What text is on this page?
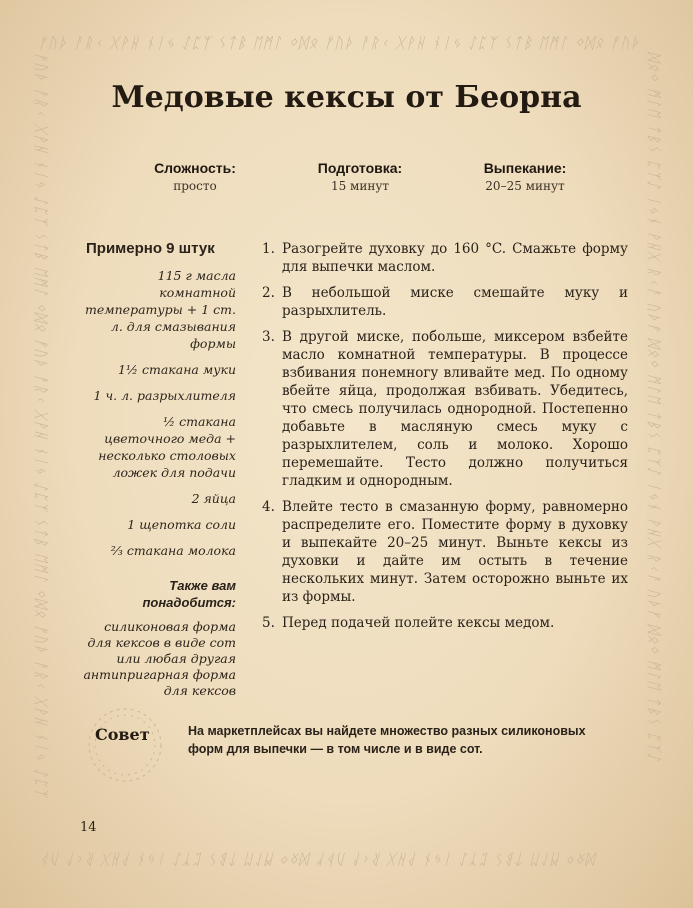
ᚠᚢᚦ ᚨᚱᚲ ᚷᚹᚺ ᚾᛁᛃ ᛇᛈᛉ ᛊᛏᛒ ᛖᛗᛚ ᛜᛞᛟ ᚠᚢᚦ ᚨᚱᚲ ᚷᚹᚺ ᚾᛁᛃ ᛇᛈᛉ ᛊᛏᛒ ᛖᛗᛚ ᛜᛞᛟ ᚠᚢᚦ
ᛞᛟᛜ ᛗᛚᛖ ᛏᛒᛊ ᛈᛉᛇ ᛁᛃᚾ ᚹᚺᚷ ᚱᚲᚨ ᚢᚦᚠ ᛞᛟᛜ ᛗᛚᛖ ᛏᛒᛊ ᛈᛉᛇ ᛁᛃᚾ ᚹᚺᚷ ᚱᚲᚨ ᚢᚦ
ᚠᚢᚦ ᚨᚱᚲ ᚷᚹᚺ ᚾᛁᛃ ᛇᛈᛉ ᛊᛏᛒ ᛖᛗᛚ ᛜᛞᛟ ᚠᚢᚦ ᚨᚱᚲ ᚷᚹᚺ ᚾᛁᛃ ᛇᛈᛉ ᛊᛏᛒ ᛖᛗᛚ ᛜᛞᛟ ᚠᚢᚦ ᚨᚱᚲ ᚷᚹᚺ ᚾᛁᛃ ᛇᛈᛉ	ᛞᛟᛜ ᛗᛚᛖ ᛏᛒᛊ ᛈᛉᛇ ᛁᛃᚾ ᚹᚺᚷ ᚱᚲᚨ ᚢᚦᚠ ᛞᛟᛜ ᛗᛚᛖ ᛏᛒᛊ ᛈᛉᛇ ᛁᛃᚾ ᚹᚺᚷ ᚱᚲᚨ ᚢᚦᚠ ᛞᛟᛜ ᛗᛚᛖ ᛏᛒᛊ ᛈᛉᛇ
Медовые кексы от Беорна
Сложность:
просто
Подготовка:
15 минут
Выпекание:
20–25 минут

Примерно 9 штук

115 г масла комнатной температуры + 1 ст. л. для смазывания формы

1½ стакана муки

1 ч. л. разрыхлителя

½ стакана цветочного меда + несколько столовых ложек для подачи

2 яйца

1 щепотка соли

⅔ стакана молока

Также вам понадобится:

силиконовая форма для кексов в виде сот или любая другая антипригарная форма для кексов

1. Разогрейте духовку до 160 °C. Смажьте форму для выпечки маслом.
2. В небольшой миске смешайте муку и разрыхлитель.
3. В другой миске, побольше, миксером взбейте масло комнатной температуры. В процессе взбивания понемногу вливайте мед. По одному вбейте яйца, продолжая взбивать. Убедитесь, что смесь получилась однородной. Постепенно добавьте в масляную смесь муку с разрыхлителем, соль и молоко. Хорошо перемешайте. Тесто должно получиться гладким и однородным.
4. Влейте тесто в смазанную форму, равномерно распределите его. Поместите форму в духовку и выпекайте 20–25 минут. Выньте кексы из духовки и дайте им остыть в течение нескольких минут. Затем осторожно выньте их из формы.
5. Перед подачей полейте кексы медом.
Совет	На маркетплейсах вы найдете множество разных силиконовых форм для выпечки — в том числе и в виде сот.

14
